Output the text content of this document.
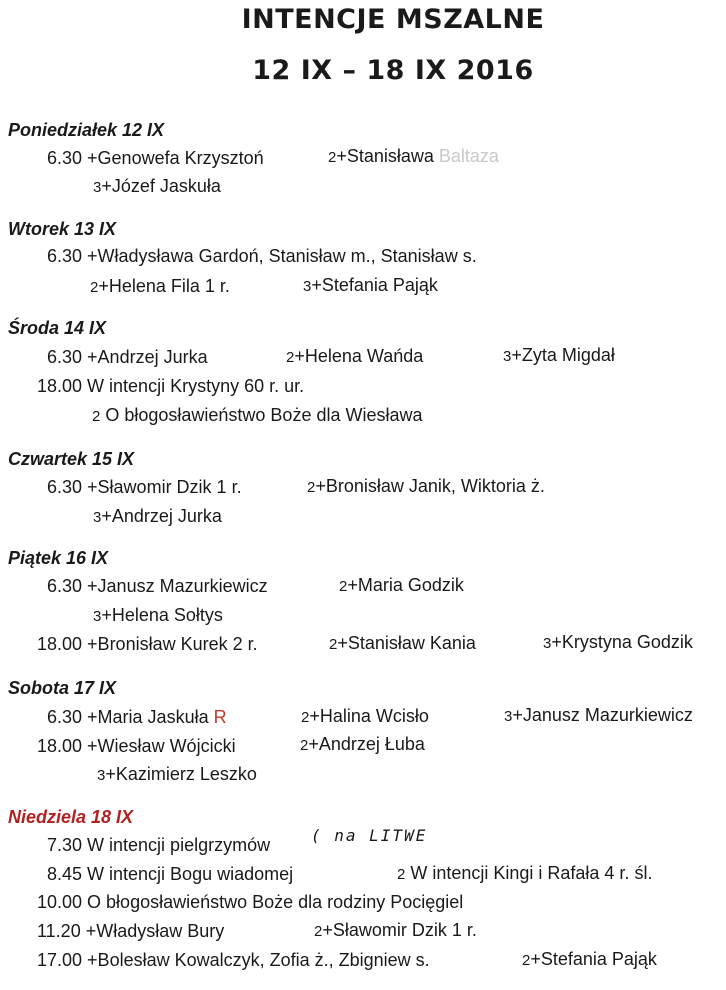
INTENCJE MSZALNE
12 IX – 18 IX 2016
Poniedziałek 12 IX
6.30 +Genowefa Krzysztoń	2+Stanisława Baltaza
3+Józef Jaskuła
Wtorek 13 IX
6.30 +Władysława Gardoń, Stanisław m., Stanisław s.
2+Helena Fila 1 r.	3+Stefania Pająk
Środa 14 IX
6.30 +Andrzej Jurka	2+Helena Wańda	3+Zyta Migdał
18.00 W intencji Krystyny 60 r. ur.
2 O błogosławieństwo Boże dla Wiesława
Czwartek 15 IX
6.30 +Sławomir Dzik 1 r.	2+Bronisław Janik, Wiktoria ż.
3+Andrzej Jurka
Piątek 16 IX
6.30 +Janusz Mazurkiewicz	2+Maria Godzik
3+Helena Sołtys
18.00 +Bronisław Kurek 2 r.	2+Stanisław Kania	3+Krystyna Godzik
Sobota 17 IX
6.30 +Maria Jaskuła R	2+Halina Wcisło	3+Janusz Mazurkiewicz
18.00 +Wiesław Wójcicki	2+Andrzej Łuba
3+Kazimierz Leszko
Niedziela 18 IX
7.30 W intencji pielgrzymów	( na LITWE
8.45 W intencji Bogu wiadomej	2 W intencji Kingi i Rafała 4 r. śl.
10.00 O błogosławieństwo Boże dla rodziny Pocięgiel
11.20 +Władysław Bury	2+Sławomir Dzik 1 r.
17.00 +Bolesław Kowalczyk, Zofia ż., Zbigniew s.	2+Stefania Pająk
